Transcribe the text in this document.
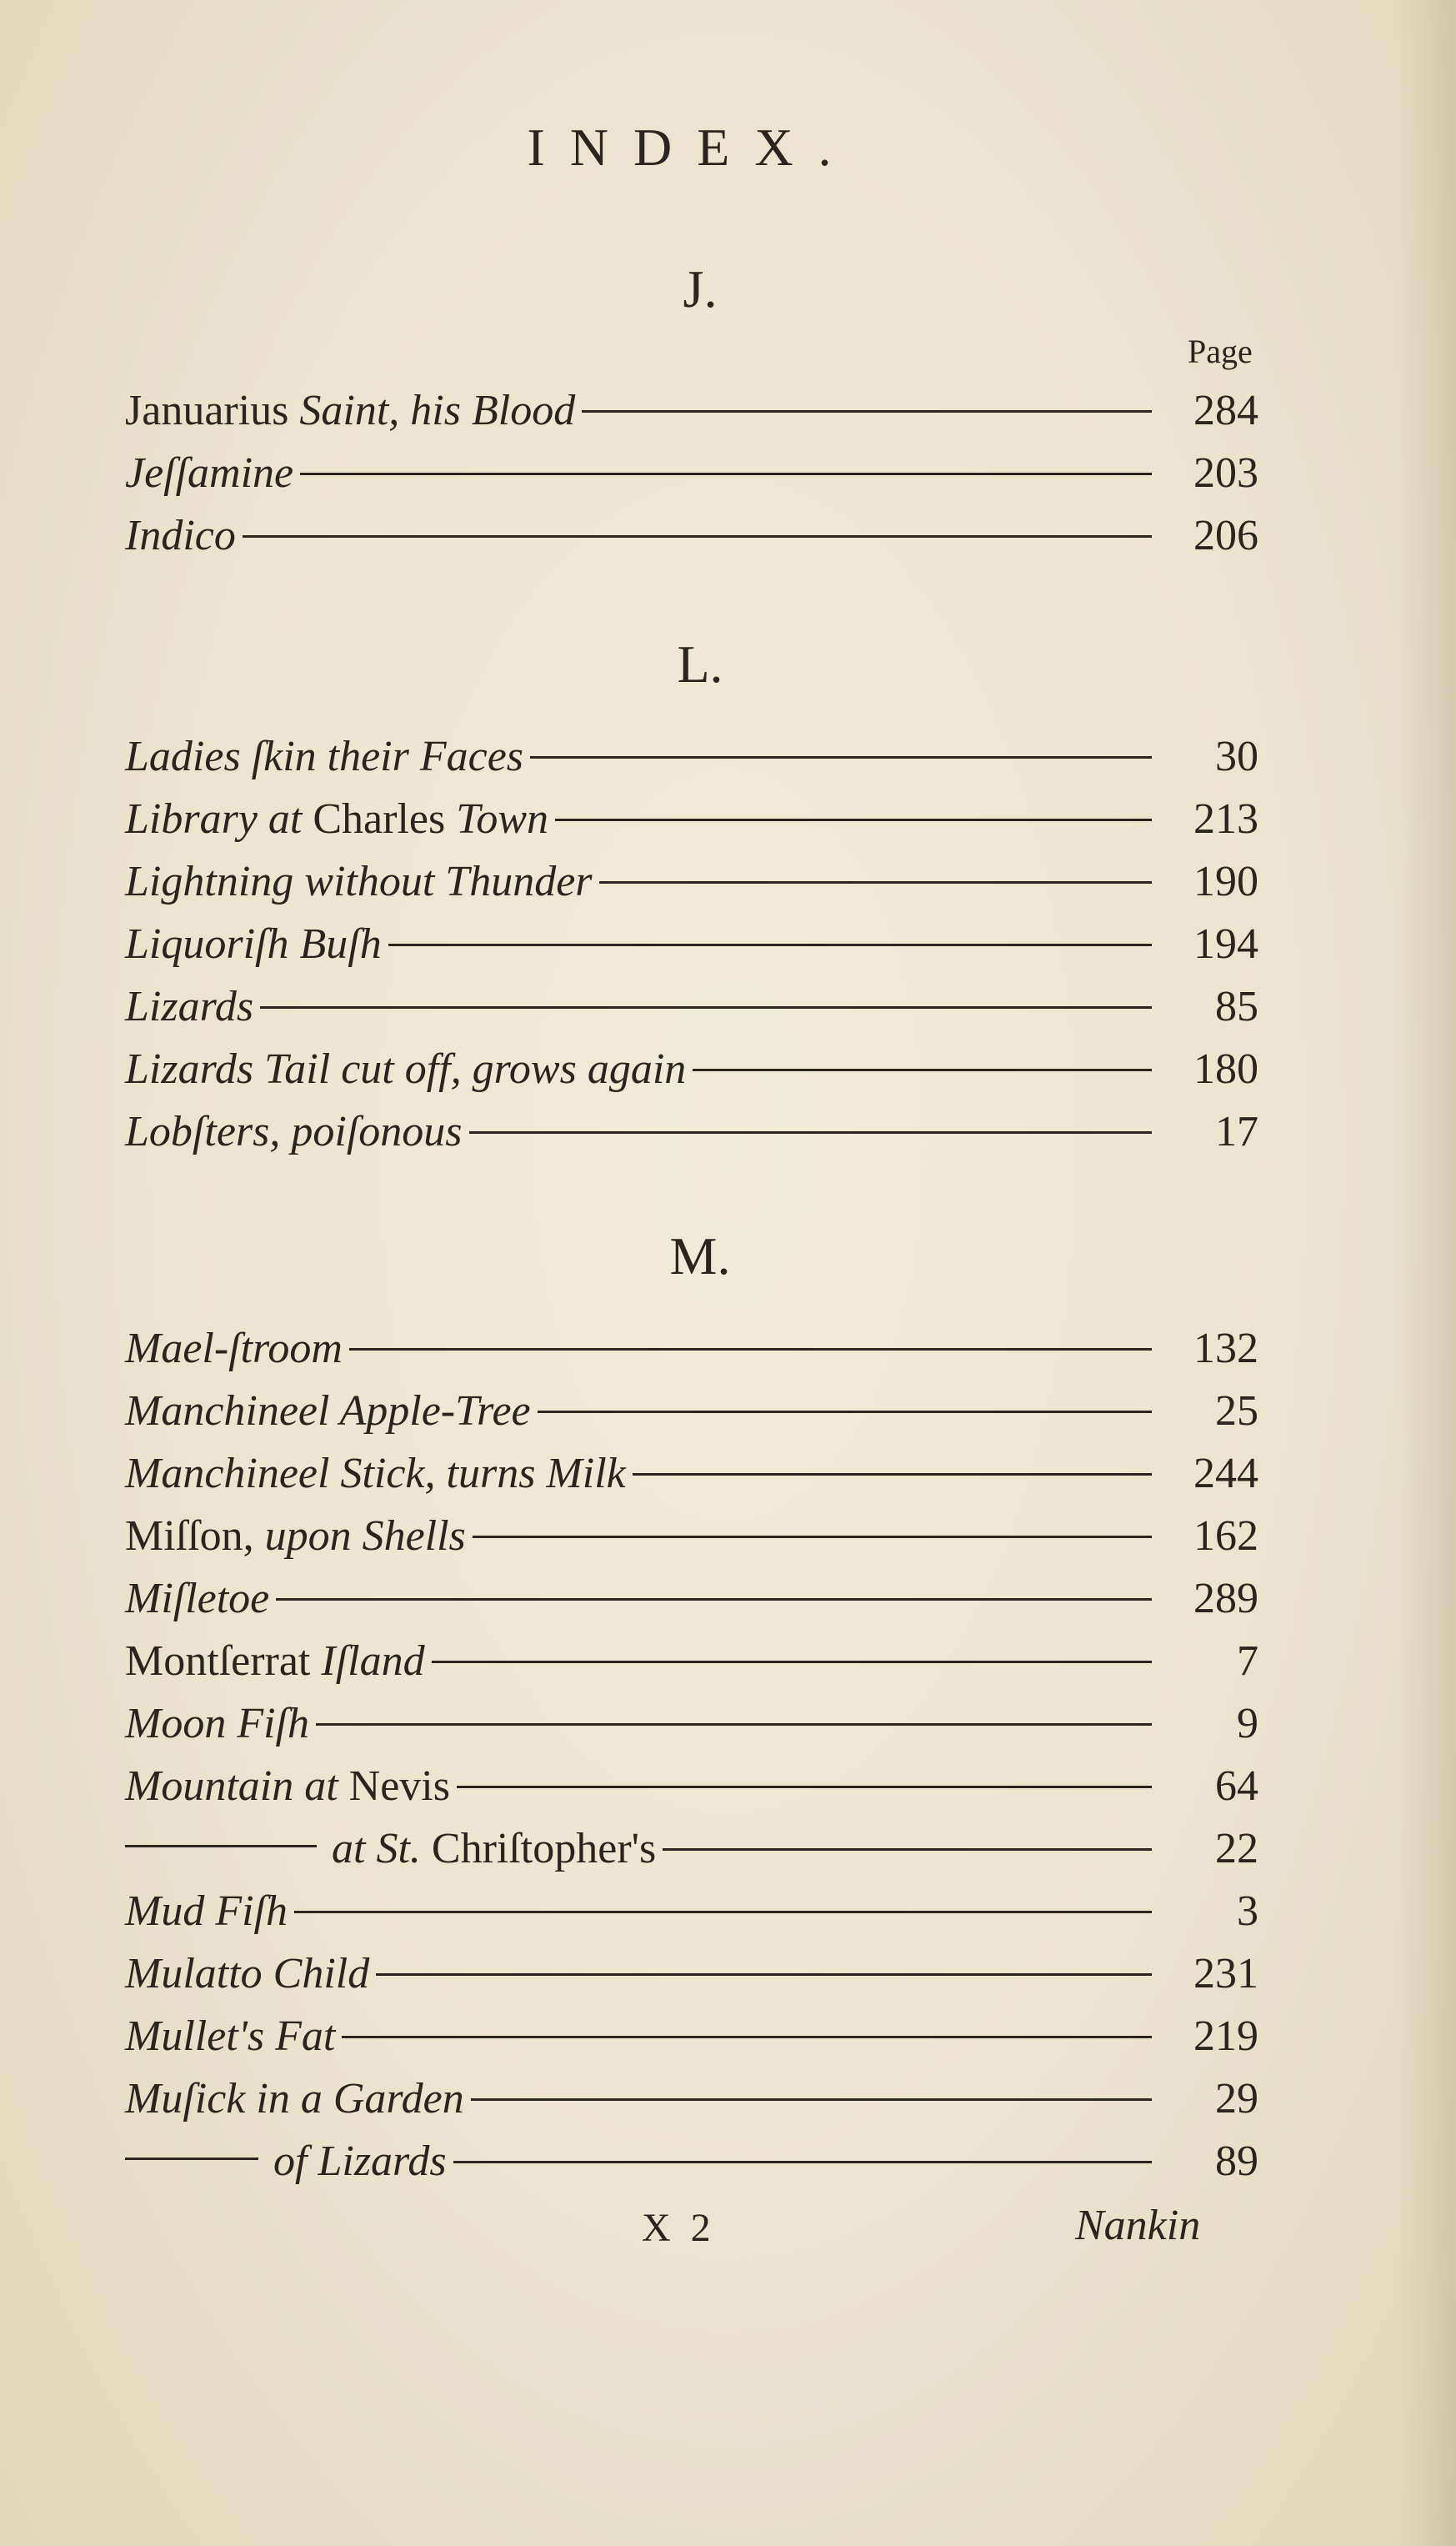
INDEX.
J.
Page
Januarius Saint, his Blood	284
Jeſſamine	203
Indico	206
L.
Ladies ſkin their Faces	30
Library at Charles Town	213
Lightning without Thunder	190
Liquoriſh Buſh	194
Lizards	85
Lizards Tail cut off, grows again	180
Lobſters, poiſonous	17
M.
Mael-ſtroom	132
Manchineel Apple-Tree	25
Manchineel Stick, turns Milk	244
Miſſon, upon Shells	162
Miſletoe	289
Montſerrat Iſland	7
Moon Fiſh	9
Mountain at Nevis	64
at St. Chriſtopher's	22
Mud Fiſh	3
Mulatto Child	231
Mullet's Fat	219
Muſick in a Garden	29
of Lizards	89
X 2	Nankin
